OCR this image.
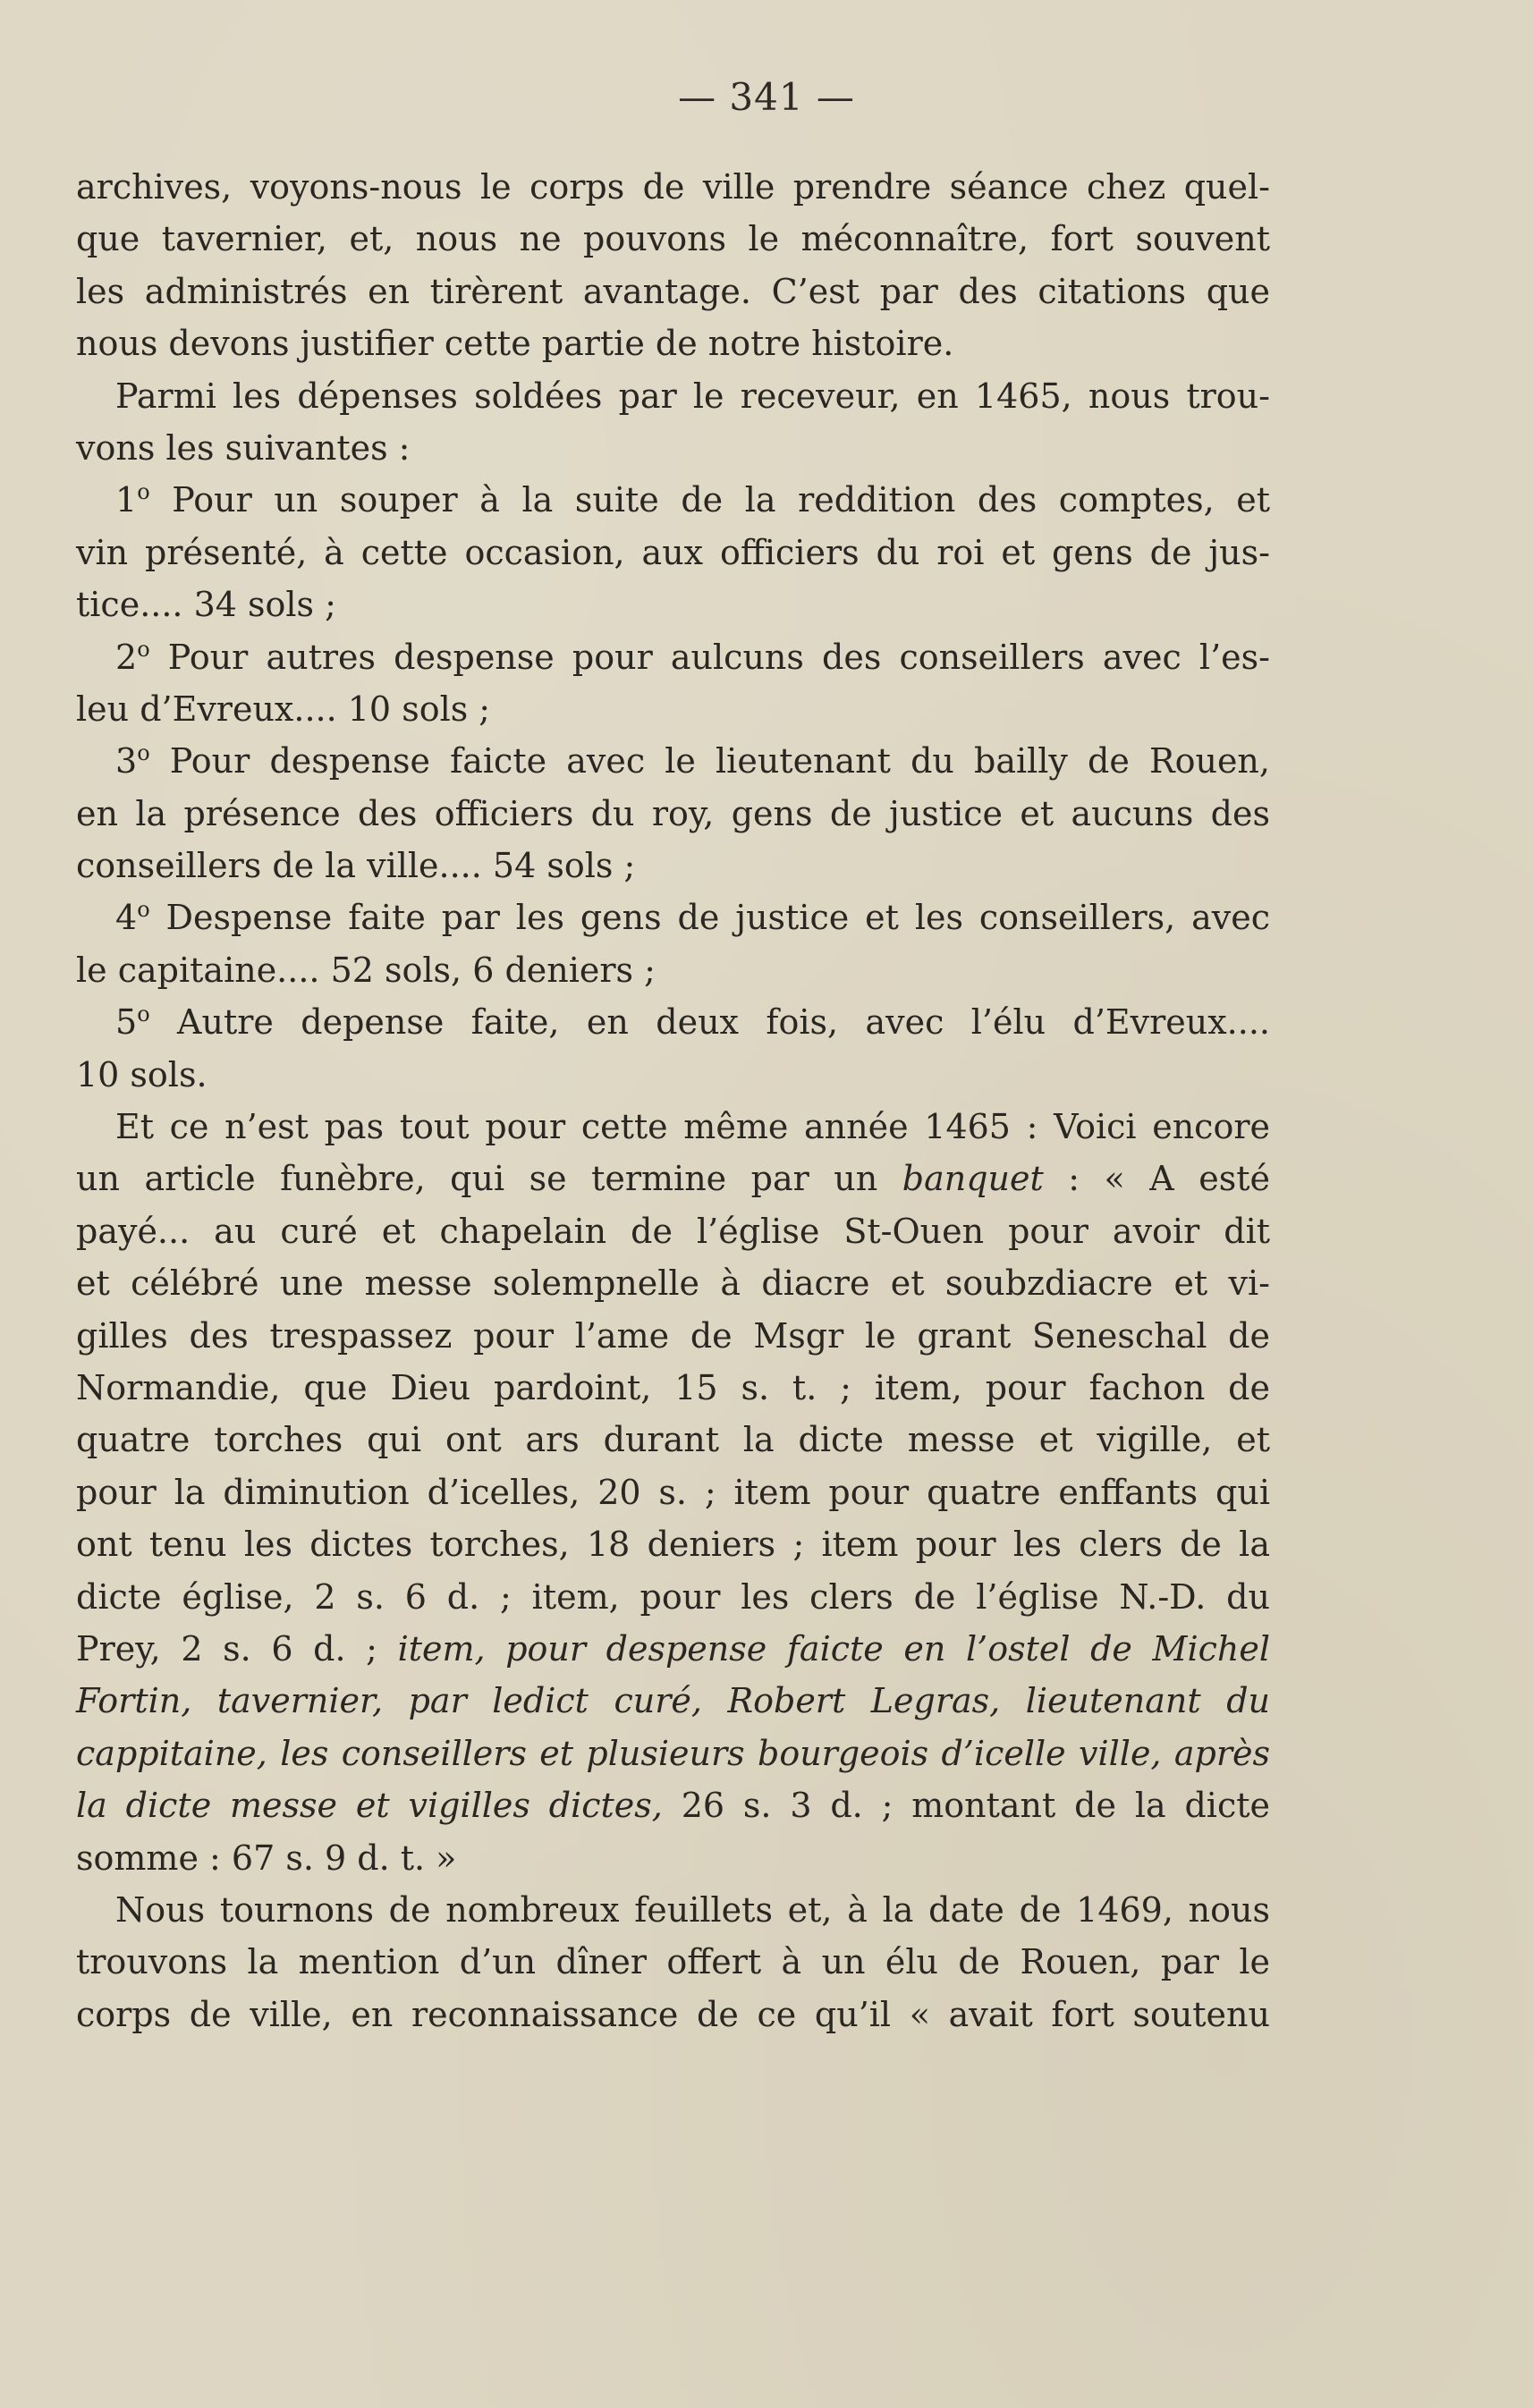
— 341 —
archives, voyons-nous le corps de ville prendre séance chez quel-
que tavernier, et, nous ne pouvons le méconnaître, fort souvent
les administrés en tirèrent avantage. C’est par des citations que
nous devons justifier cette partie de notre histoire.
Parmi les dépenses soldées par le receveur, en 1465, nous trou-
vons les suivantes :
1$^o$ Pour un souper à la suite de la reddition des comptes, et
vin présenté, à cette occasion, aux officiers du roi et gens de jus-
tice.... 34 sols ;
2$^o$ Pour autres despense pour aulcuns des conseillers avec l’es-
leu d’Evreux.... 10 sols ;
3$^o$ Pour despense faicte avec le lieutenant du bailly de Rouen,
en la présence des officiers du roy, gens de justice et aucuns des
conseillers de la ville.... 54 sols ;
4$^o$ Despense faite par les gens de justice et les conseillers, avec
le capitaine.... 52 sols, 6 deniers ;
5$^o$ Autre depense faite, en deux fois, avec l’élu d’Evreux....
10 sols.
Et ce n’est pas tout pour cette même année 1465 : Voici encore
un article funèbre, qui se termine par un banquet : « A esté
payé... au curé et chapelain de l’église St-Ouen pour avoir dit
et célébré une messe solempnelle à diacre et soubzdiacre et vi-
gilles des trespassez pour l’ame de Msgr le grant Seneschal de
Normandie, que Dieu pardoint, 15 s. t. ; item, pour fachon de
quatre torches qui ont ars durant la dicte messe et vigille, et
pour la diminution d’icelles, 20 s. ; item pour quatre enffants qui
ont tenu les dictes torches, 18 deniers ; item pour les clers de la
dicte église, 2 s. 6 d. ; item, pour les clers de l’église N.-D. du
Prey, 2 s. 6 d. ; item, pour despense faicte en l’ostel de Michel
Fortin, tavernier, par ledict curé, Robert Legras, lieutenant du
cappitaine, les conseillers et plusieurs bourgeois d’icelle ville, après
la dicte messe et vigilles dictes, 26 s. 3 d. ; montant de la dicte
somme : 67 s. 9 d. t. »
Nous tournons de nombreux feuillets et, à la date de 1469, nous
trouvons la mention d’un dîner offert à un élu de Rouen, par le
corps de ville, en reconnaissance de ce qu’il « avait fort soutenu
